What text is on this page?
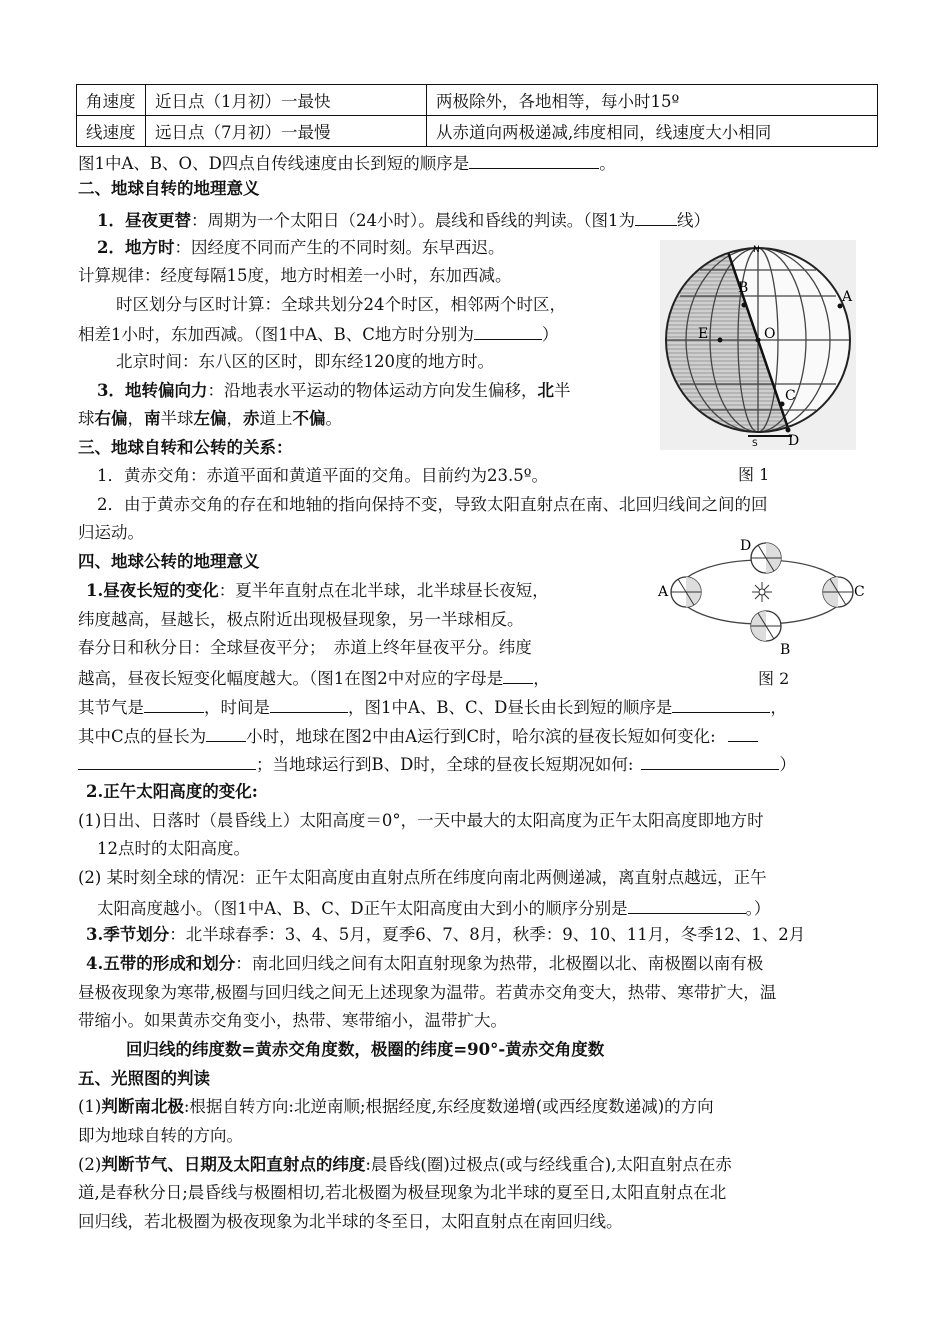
角速度	近日点（1月初）一最快	两极除外，各地相等，每小时15º
线速度	远日点（7月初）一最慢	从赤道向两极递减,纬度相同，线速度大小相同
图1中A、B、O、D四点自传线速度由长到短的顺序是	。
二、地球自转的地理意义
1．昼夜更替：周期为一个太阳日（24小时）。晨线和昏线的判读。（图1为	线）
2．地方时：因经度不同而产生的不同时刻。东早西迟。
计算规律：经度每隔15度，地方时相差一小时，东加西减。
时区划分与区时计算：全球共划分24个时区，相邻两个时区，
相差1小时，东加西减。（图1中A、B、C地方时分别为	）
北京时间：东八区的区时，即东经120度的地方时。
3．地转偏向力：沿地表水平运动的物体运动方向发生偏移，北半
球右偏，南半球左偏，赤道上不偏。
N
S
A
B
C
D
E	O
图 1
三、地球自转和公转的关系：
1．黄赤交角：赤道平面和黄道平面的交角。目前约为23.5º。
2．由于黄赤交角的存在和地轴的指向保持不变，导致太阳直射点在南、北回归线间之间的回
归运动。
四、地球公转的地理意义
1.昼夜长短的变化：夏半年直射点在北半球，北半球昼长夜短，
纬度越高，昼越长，极点附近出现极昼现象，另一半球相反。
春分日和秋分日：全球昼夜平分；　赤道上终年昼夜平分。纬度
越高，昼夜长短变化幅度越大。（图1在图2中对应的字母是 ，
其节气是	，时间是	，图1中A、B、C、D昼长由长到短的顺序是	，
其中C点的昼长为 小时，地球在图2中由A运行到C时，哈尔滨的昼夜长短如何变化:
；当地球运行到B、D时，全球的昼夜长短期况如何:	）
D
A	C
B
图 2
2.正午太阳高度的变化:
(1)日出、日落时（晨昏线上）太阳高度＝0°，一天中最大的太阳高度为正午太阳高度即地方时
12点时的太阳高度。
(2) 某时刻全球的情况：正午太阳高度由直射点所在纬度向南北两侧递减，离直射点越远，正午
太阳高度越小。（图1中A、B、C、D正午太阳高度由大到小的顺序分别是	。）
3.季节划分：北半球春季：3、4、5月，夏季6、7、8月，秋季：9、10、11月，冬季12、1、2月
4.五带的形成和划分：南北回归线之间有太阳直射现象为热带，北极圈以北、南极圈以南有极
昼极夜现象为寒带,极圈与回归线之间无上述现象为温带。若黄赤交角变大，热带、寒带扩大，温
带缩小。如果黄赤交角变小，热带、寒带缩小，温带扩大。
回归线的纬度数=黄赤交角度数，极圈的纬度=90°-黄赤交角度数
五、光照图的判读
(1)判断南北极:根据自转方向:北逆南顺;根据经度,东经度数递增(或西经度数递减)的方向
即为地球自转的方向。
(2)判断节气、日期及太阳直射点的纬度:晨昏线(圈)过极点(或与经线重合),太阳直射点在赤
道,是春秋分日;晨昏线与极圈相切,若北极圈为极昼现象为北半球的夏至日,太阳直射点在北
回归线，若北极圈为极夜现象为北半球的冬至日，太阳直射点在南回归线。
